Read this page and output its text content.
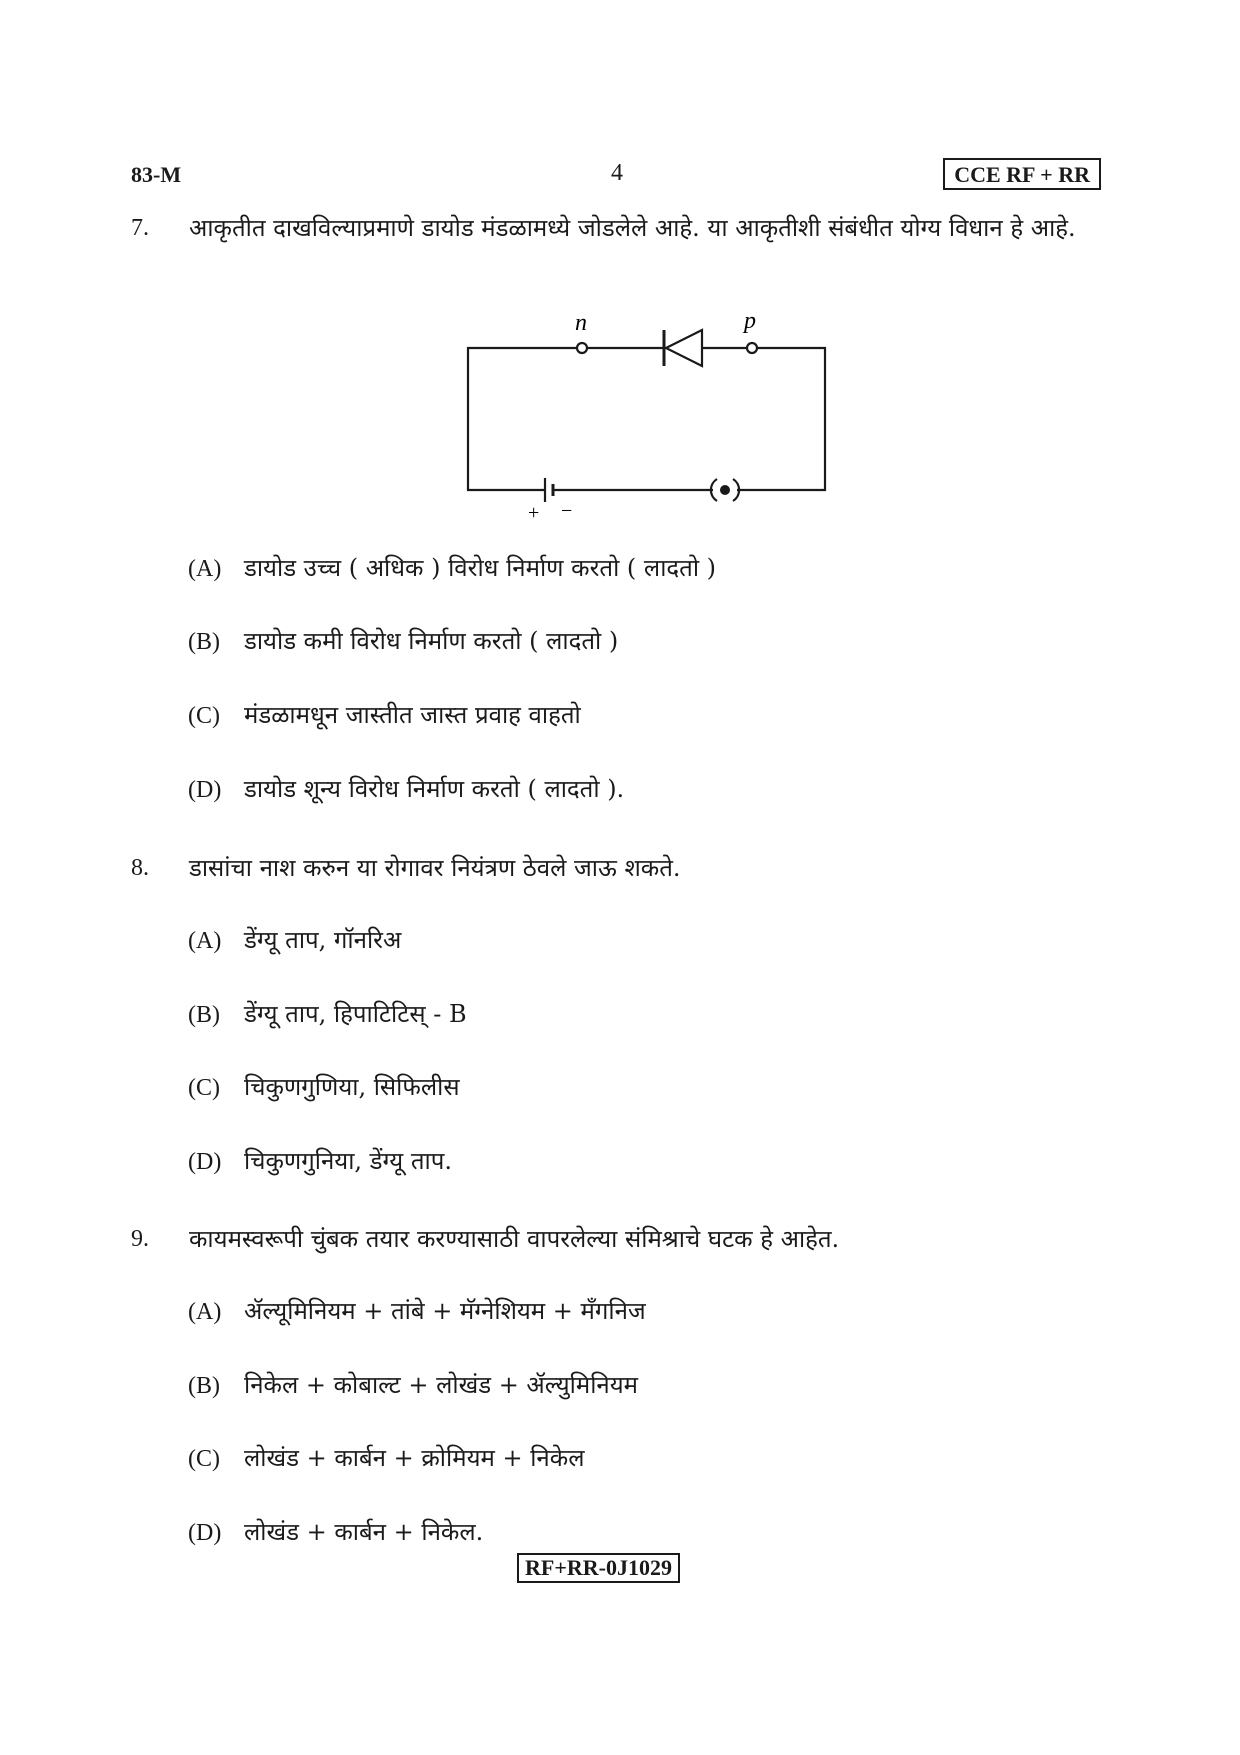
83-M	4	CCE RF + RR
7. आकृतीत दाखविल्याप्रमाणे डायोड मंडळामध्ये जोडलेले आहे. या आकृतीशी संबंधीत योग्य विधान हे आहे.
n	p
+ −
(A) डायोड उच्च ( अधिक ) विरोध निर्माण करतो ( लादतो )
(B) डायोड कमी विरोध निर्माण करतो ( लादतो )
(C) मंडळामधून जास्तीत जास्त प्रवाह वाहतो
(D) डायोड शून्य विरोध निर्माण करतो ( लादतो ).
8. डासांचा नाश करुन या रोगावर नियंत्रण ठेवले जाऊ शकते.
(A) डेंग्यू ताप, गॉनरिअ
(B) डेंग्यू ताप, हिपाटिटिस् - B
(C) चिकुणगुणिया, सिफिलीस
(D) चिकुणगुनिया, डेंग्यू ताप.
9. कायमस्वरूपी चुंबक तयार करण्यासाठी वापरलेल्या संमिश्राचे घटक हे आहेत.
(A) ॲल्यूमिनियम + तांबे + मॅग्नेशियम + मँगनिज
(B) निकेल + कोबाल्ट + लोखंड + ॲल्युमिनियम
(C) लोखंड + कार्बन + क्रोमियम + निकेल
(D) लोखंड + कार्बन + निकेल.
RF+RR-0J1029
